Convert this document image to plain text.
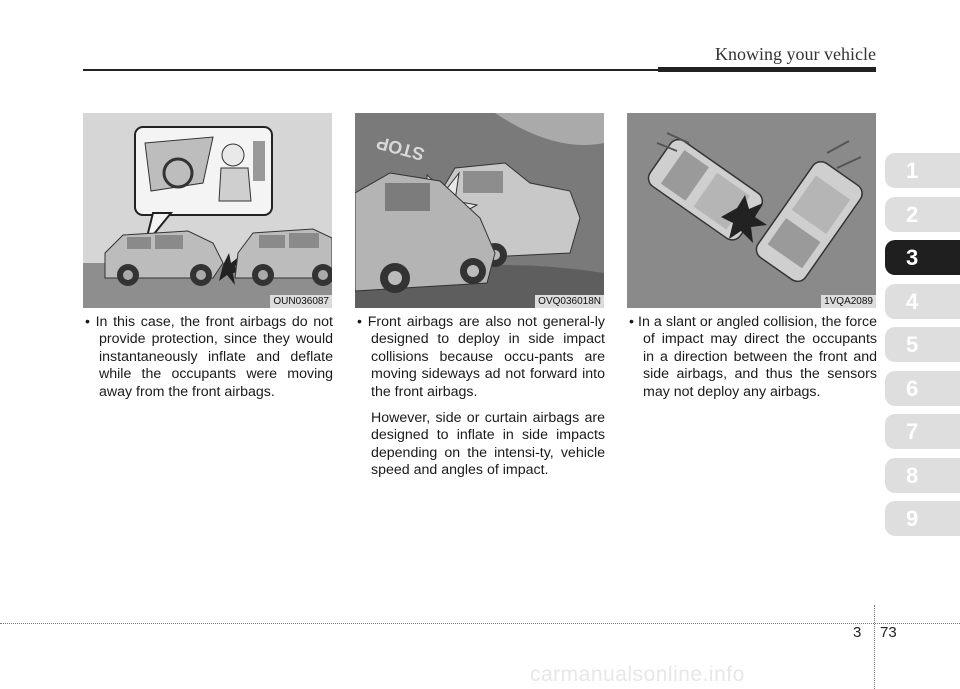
Knowing your vehicle
OUN036087
STOP
OVQ036018N	1VQA2089

• In this case, the front airbags do not provide protection, since they would instantaneously inflate and deflate while the occupants were moving away from the front airbags.

• Front airbags are also not general-ly designed to deploy in side impact collisions because occu-pants are moving sideways ad not forward into the front airbags.

However, side or curtain airbags are designed to inflate in side impacts depending on the intensi-ty, vehicle speed and angles of impact.

• In a slant or angled collision, the force of impact may direct the occupants in a direction between the front and side airbags, and thus the sensors may not deploy any airbags.

1
2
3
4
5
6
7
8
9
3 73
carmanualsonline.info
